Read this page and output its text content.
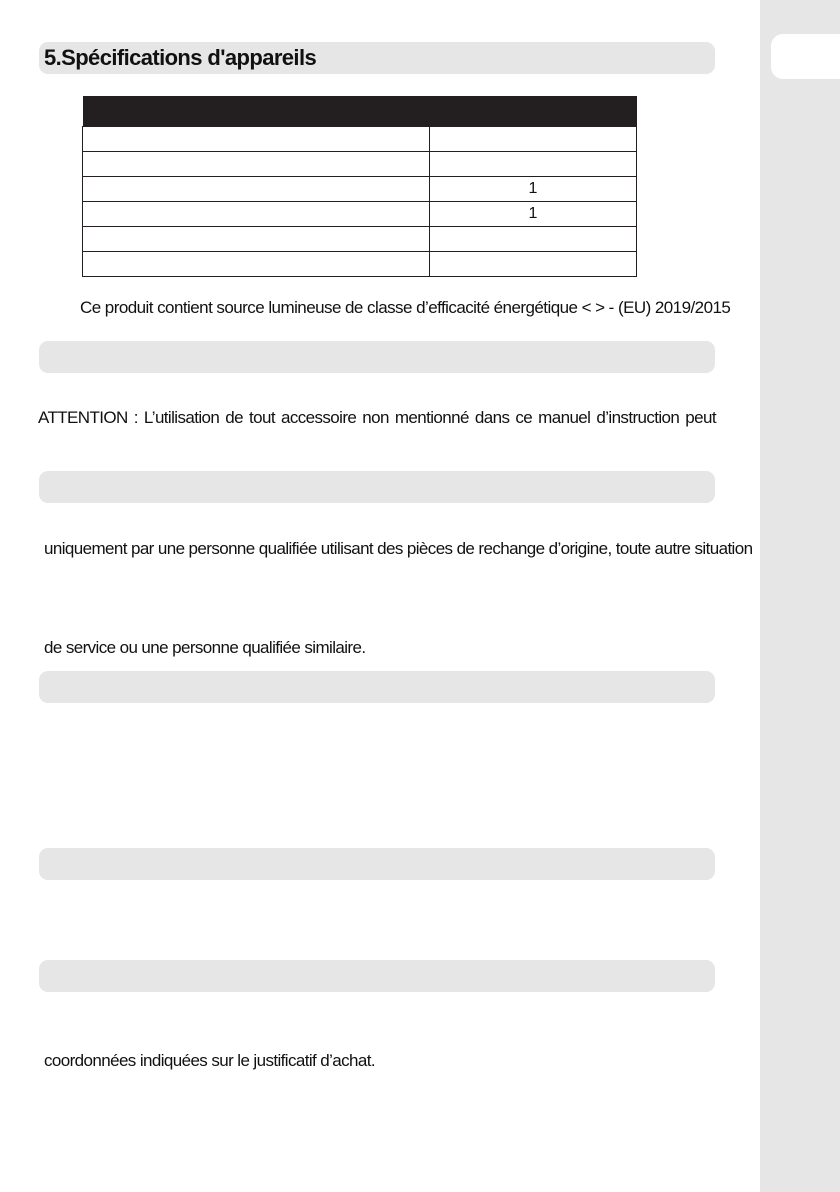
5.Spécifications d'appareils

	1
	1

Ce produit contient source lumineuse de classe d’efficacité énergétique < > - (EU) 2019/2015
ATTENTION : L’utilisation de tout accessoire non mentionné dans ce manuel d’instruction peut
uniquement par une personne qualifiée utilisant des pièces de rechange d’origine, toute autre situation
de service ou une personne qualifiée similaire.
coordonnées indiquées sur le justificatif d’achat.
